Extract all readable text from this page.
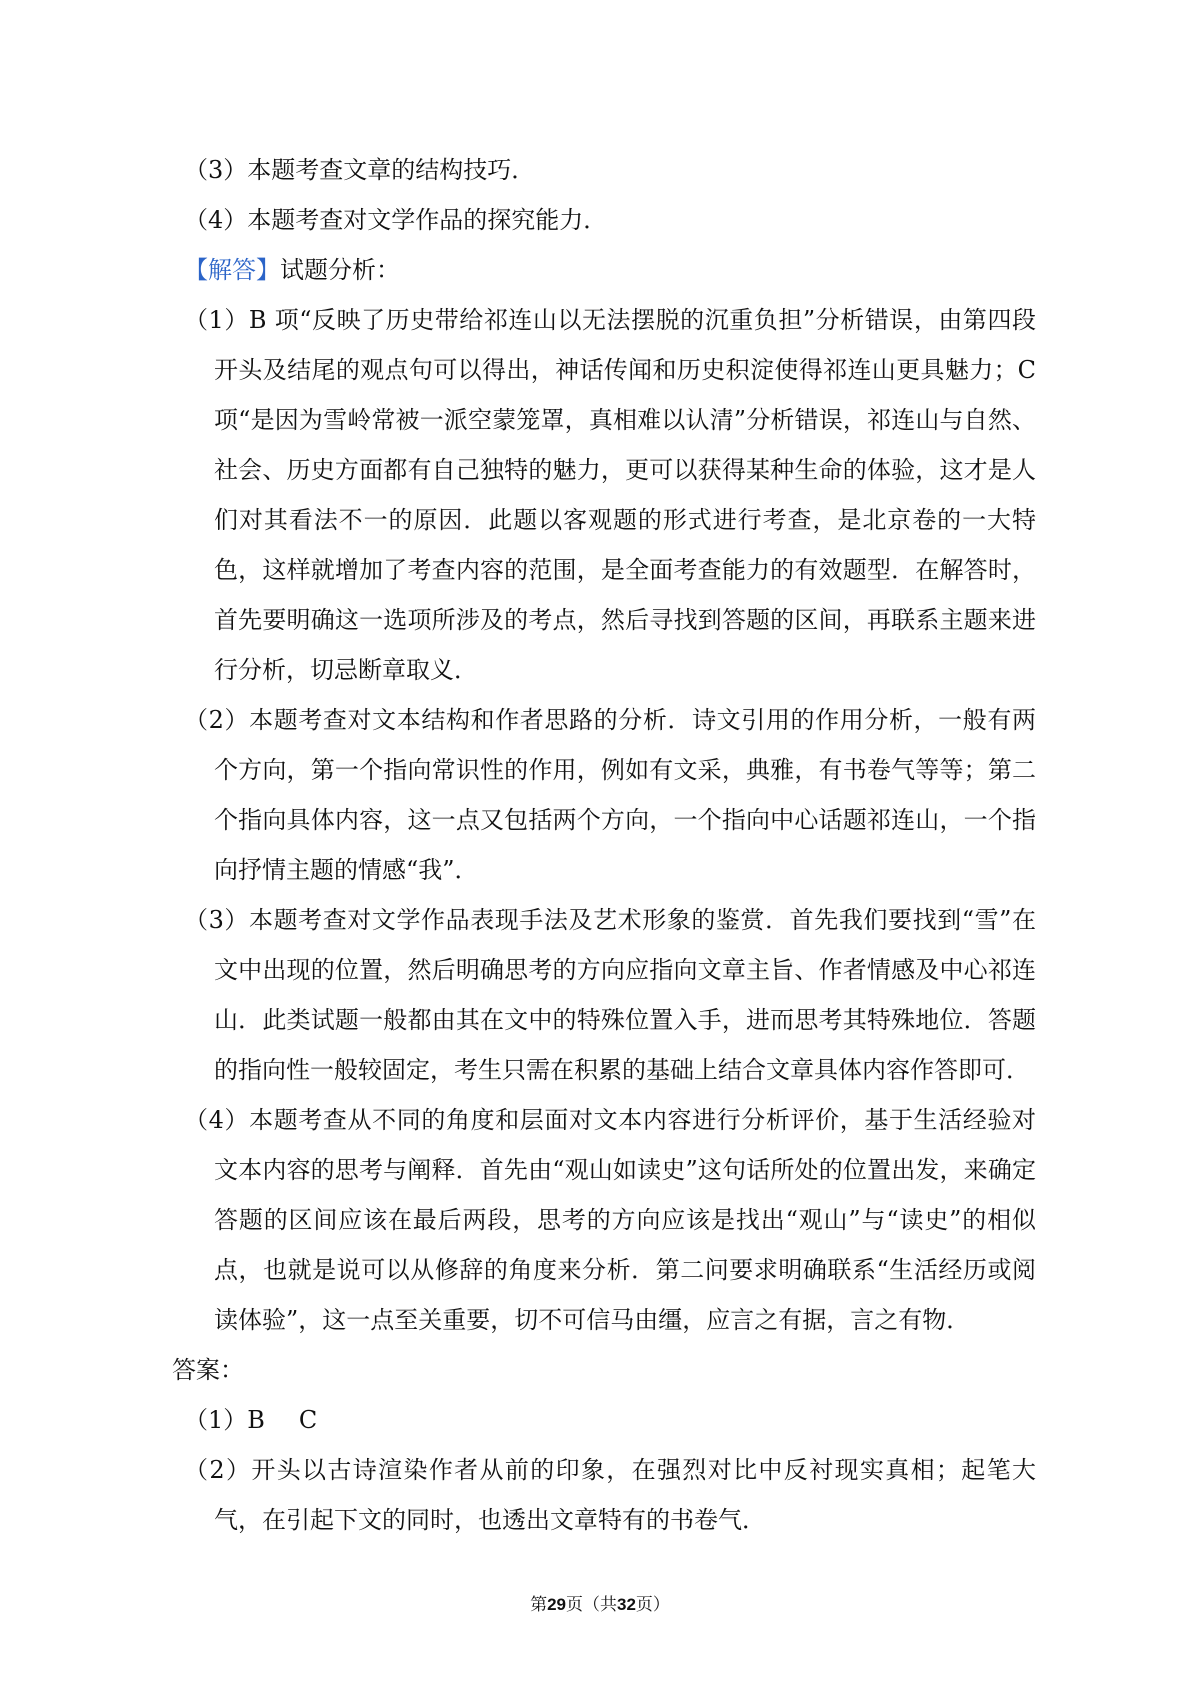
（3）本题考查文章的结构技巧．
（4）本题考查对文学作品的探究能力．
【解答】试题分析：
（1）B 项“反映了历史带给祁连山以无法摆脱的沉重负担”分析错误，由第四段开头及结尾的观点句可以得出，神话传闻和历史积淀使得祁连山更具魅力；C项“是因为雪岭常被一派空蒙笼罩，真相难以认清”分析错误，祁连山与自然、社会、历史方面都有自己独特的魅力，更可以获得某种生命的体验，这才是人们对其看法不一的原因．此题以客观题的形式进行考查，是北京卷的一大特色，这样就增加了考查内容的范围，是全面考查能力的有效题型．在解答时，首先要明确这一选项所涉及的考点，然后寻找到答题的区间，再联系主题来进行分析，切忌断章取义．
（2）本题考查对文本结构和作者思路的分析．诗文引用的作用分析，一般有两个方向，第一个指向常识性的作用，例如有文采，典雅，有书卷气等等；第二个指向具体内容，这一点又包括两个方向，一个指向中心话题祁连山，一个指向抒情主题的情感“我”．
（3）本题考查对文学作品表现手法及艺术形象的鉴赏．首先我们要找到“雪”在文中出现的位置，然后明确思考的方向应指向文章主旨、作者情感及中心祁连山．此类试题一般都由其在文中的特殊位置入手，进而思考其特殊地位．答题的指向性一般较固定，考生只需在积累的基础上结合文章具体内容作答即可．
（4）本题考查从不同的角度和层面对文本内容进行分析评价，基于生活经验对文本内容的思考与阐释．首先由“观山如读史”这句话所处的位置出发，来确定答题的区间应该在最后两段，思考的方向应该是找出“观山”与“读史”的相似点，也就是说可以从修辞的角度来分析．第二问要求明确联系“生活经历或阅读体验”，这一点至关重要，切不可信马由缰，应言之有据，言之有物．
答案：
（1）B C
（2）开头以古诗渲染作者从前的印象，在强烈对比中反衬现实真相；起笔大气，在引起下文的同时，也透出文章特有的书卷气．
第29页（共32页）
